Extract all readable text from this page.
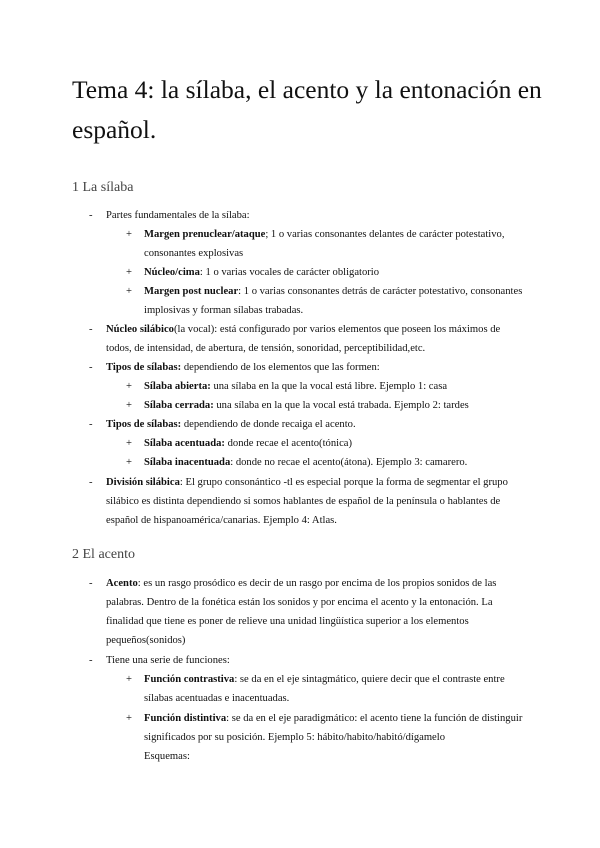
Tema 4: la sílaba, el acento y la entonación en español.
1 La sílaba
- Partes fundamentales de la sílaba:
+ Margen prenuclear/ataque; 1 o varias consonantes delantes de carácter potestativo, consonantes explosivas
+ Núcleo/cima: 1 o varias vocales de carácter obligatorio
+ Margen post nuclear: 1 o varias consonantes detrás de carácter potestativo, consonantes implosivas y forman sílabas trabadas.
- Núcleo silábico(la vocal): está configurado por varios elementos que poseen los máximos de todos, de intensidad, de abertura, de tensión, sonoridad, perceptibilidad,etc.
- Tipos de sílabas: dependiendo de los elementos que las formen:
+ Sílaba abierta: una sílaba en la que la vocal está libre. Ejemplo 1: casa
+ Sílaba cerrada: una sílaba en la que la vocal está trabada. Ejemplo 2: tardes
- Tipos de sílabas: dependiendo de donde recaiga el acento.
+ Sílaba acentuada: donde recae el acento(tónica)
+ Sílaba inacentuada: donde no recae el acento(átona). Ejemplo 3: camarero.
- División silábica: El grupo consonántico -tl es especial porque la forma de segmentar el grupo silábico es distinta dependiendo si somos hablantes de español de la península o hablantes de español de hispanoamérica/canarias. Ejemplo 4: Atlas.
2 El acento
- Acento: es un rasgo prosódico es decir de un rasgo por encima de los propios sonidos de las palabras. Dentro de la fonética están los sonidos y por encima el acento y la entonación. La finalidad que tiene es poner de relieve una unidad lingüística superior a los elementos pequeños(sonidos)
- Tiene una serie de funciones:
+ Función contrastiva: se da en el eje sintagmático, quiere decir que el contraste entre sílabas acentuadas e inacentuadas.
+ Función distintiva: se da en el eje paradigmático: el acento tiene la función de distinguir significados por su posición. Ejemplo 5: hábito/habito/habitó/dígamelo
Esquemas:
